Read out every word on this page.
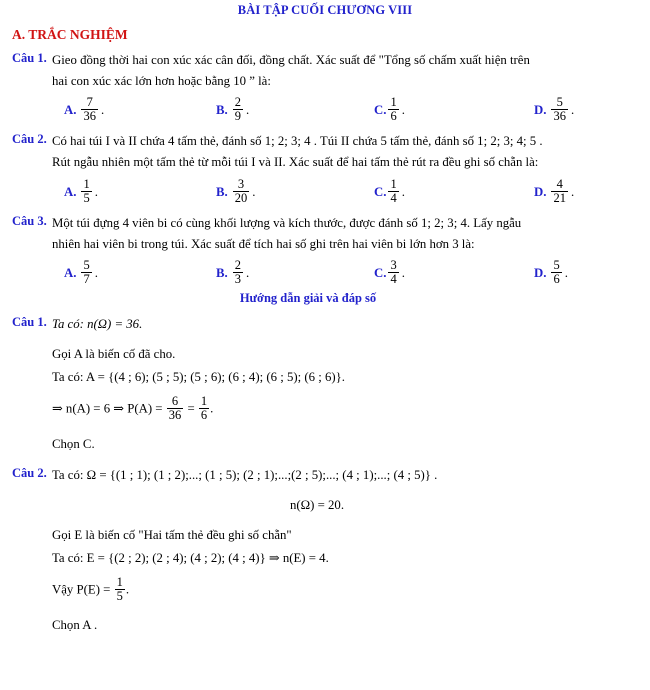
BÀI TẬP CUỐI CHƯƠNG VIII
A. TRẮC NGHIỆM
Câu 1. Gieo đồng thời hai con xúc xác cân đối, đồng chất. Xác suất để "Tổng số chấm xuất hiện trên
hai con xúc xác lớn hơn hoặc bằng 10 ” là:
A. $\frac{7}{36}$ .	B. $\frac{2}{9}$ .	C. $\frac{1}{6}$ .	D. $\frac{5}{36}$ .
Câu 2. Có hai túi I và II chứa 4 tấm thẻ, đánh số 1; 2; 3; 4 . Túi II chứa 5 tấm thẻ, đánh số 1; 2; 3; 4; 5 .
Rút ngẫu nhiên một tấm thẻ từ mỗi túi I và II. Xác suất để hai tấm thẻ rút ra đều ghi số chẵn là:
A. $\frac{1}{5}$ .	B. $\frac{3}{20}$ .	C. $\frac{1}{4}$ .	D. $\frac{4}{21}$ .
Câu 3. Một túi đựng 4 viên bi có cùng khối lượng và kích thước, được đánh số 1; 2; 3; 4. Lấy ngẫu
nhiên hai viên bi trong túi. Xác suất để tích hai số ghi trên hai viên bi lớn hơn 3 là:
A. $\frac{5}{7}$ .	B. $\frac{2}{3}$ .	C. $\frac{3}{4}$ .	D. $\frac{5}{6}$ .
Hướng dẫn giải và đáp số
Câu 1. Ta có: n(Ω) = 36.
Gọi A là biến cố đã cho.
Ta có: A = {(4 ; 6); (5 ; 5); (5 ; 6); (6 ; 4); (6 ; 5); (6 ; 6)}.
⇒ n(A) = 6 ⇒ $P(A) = \frac{6}{36} = \frac{1}{6}$ .
Chọn C.
Câu 2. Ta có: Ω = {(1 ; 1); (1 ; 2);...; (1 ; 5); (2 ; 1);...;(2 ; 5);...; (4 ; 1);...; (4 ; 5)} .
n(Ω) = 20.
Gọi E là biến cố "Hai tấm thẻ đều ghi số chẵn"
Ta có: E = {(2 ; 2); (2 ; 4); (4 ; 2); (4 ; 4)} ⇒ n(E) = 4.
Vậy $P(E) = \frac{1}{5}$ .
Chọn A .
